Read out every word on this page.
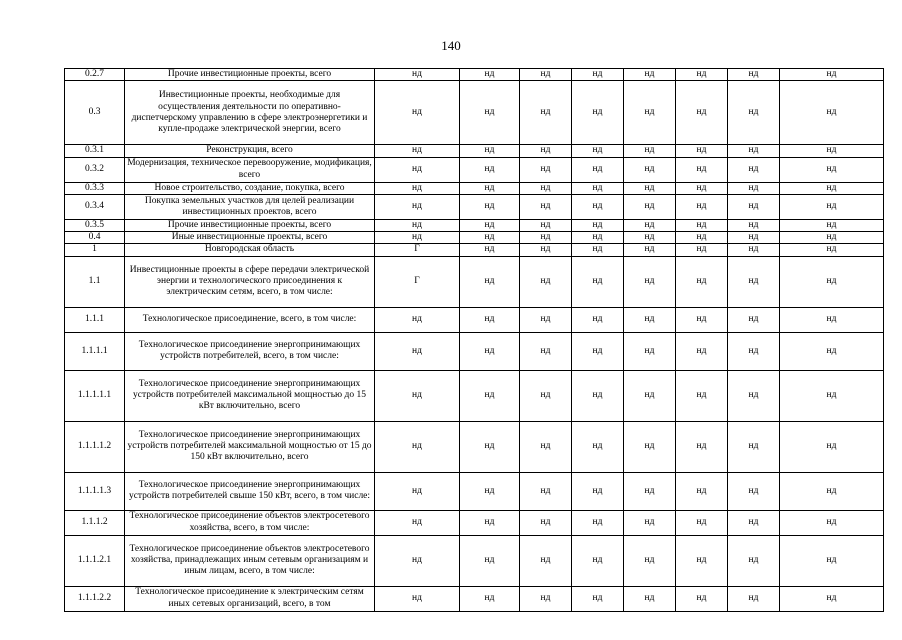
140
0.2.7	Прочие инвестиционные проекты, всего	нд	нд	нд	нд	нд	нд	нд	нд
0.3	Инвестиционные проекты, необходимые для осуществления деятельности по оперативно-диспетчерскому управлению в сфере электроэнергетики и купле-продаже электрической энергии, всего	нд	нд	нд	нд	нд	нд	нд	нд
0.3.1	Реконструкция, всего	нд	нд	нд	нд	нд	нд	нд	нд
0.3.2	Модернизация, техническое перевооружение, модификация, всего	нд	нд	нд	нд	нд	нд	нд	нд
0.3.3	Новое строительство, создание, покупка, всего	нд	нд	нд	нд	нд	нд	нд	нд
0.3.4	Покупка земельных участков для целей реализации инвестиционных проектов, всего	нд	нд	нд	нд	нд	нд	нд	нд
0.3.5	Прочие инвестиционные проекты, всего	нд	нд	нд	нд	нд	нд	нд	нд
0.4	Иные инвестиционные проекты, всего	нд	нд	нд	нд	нд	нд	нд	нд
1	Новгородская область	Г	нд	нд	нд	нд	нд	нд	нд
1.1	Инвестиционные проекты в сфере передачи электрической энергии и технологического присоединения к электрическим сетям, всего, в том числе:	Г	нд	нд	нд	нд	нд	нд	нд
1.1.1	Технологическое присоединение, всего, в том числе:	нд	нд	нд	нд	нд	нд	нд	нд
1.1.1.1	Технологическое присоединение энергопринимающих устройств потребителей, всего, в том числе:	нд	нд	нд	нд	нд	нд	нд	нд
1.1.1.1.1	Технологическое присоединение энергопринимающих устройств потребителей максимальной мощностью до 15 кВт включительно, всего	нд	нд	нд	нд	нд	нд	нд	нд
1.1.1.1.2	Технологическое присоединение энергопринимающих устройств потребителей максимальной мощностью от 15 до 150 кВт включительно, всего	нд	нд	нд	нд	нд	нд	нд	нд
1.1.1.1.3	Технологическое присоединение энергопринимающих устройств потребителей свыше 150 кВт, всего, в том числе:	нд	нд	нд	нд	нд	нд	нд	нд
1.1.1.2	Технологическое присоединение объектов электросетевого хозяйства, всего, в том числе:	нд	нд	нд	нд	нд	нд	нд	нд
1.1.1.2.1	Технологическое присоединение объектов электросетевого хозяйства, принадлежащих иным сетевым организациям и иным лицам, всего, в том числе:	нд	нд	нд	нд	нд	нд	нд	нд
1.1.1.2.2	Технологическое присоединение к электрическим сетям иных сетевых организаций, всего, в том	нд	нд	нд	нд	нд	нд	нд	нд
